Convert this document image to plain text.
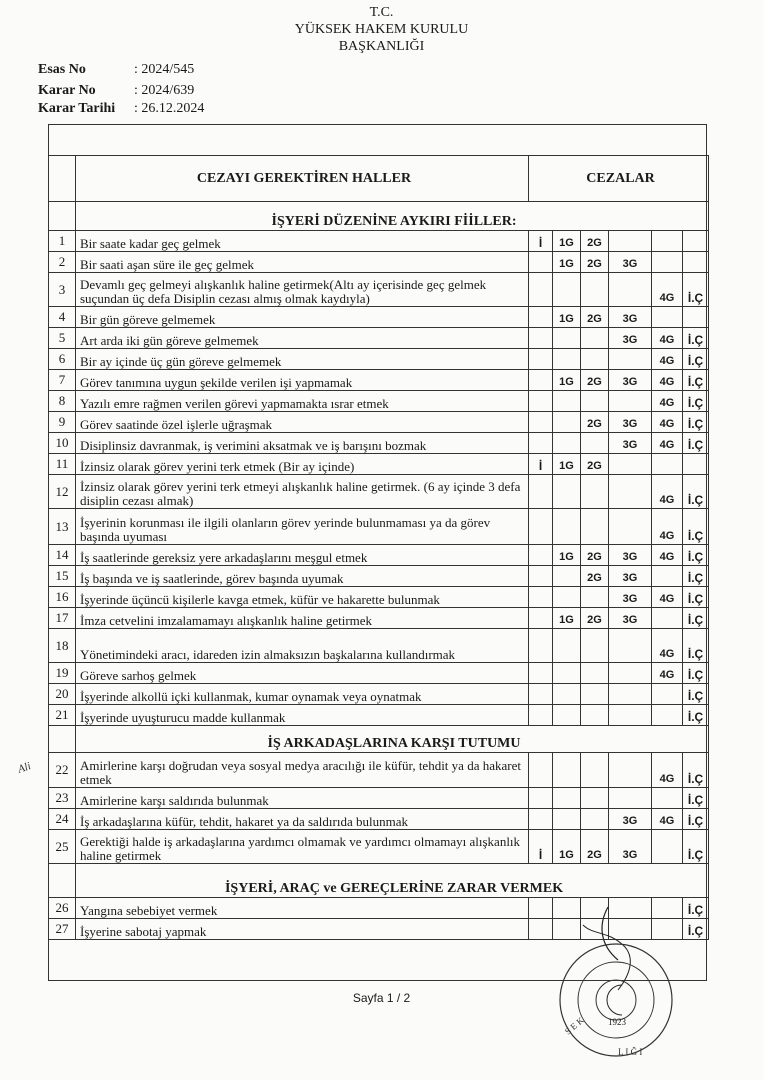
T.C.
YÜKSEK HAKEM KURULU
BAŞKANLIĞI
Esas No	: 2024/545
Karar No	: 2024/639
Karar Tarihi : 26.12.2024
	CEZAYI GEREKTİREN HALLER	CEZALAR					
	İŞYERİ DÜZENİNE AYKIRI FİİLLER:						
1	Bir saate kadar geç gelmek	İ	1G	2G			
2	Bir saati aşan süre ile geç gelmek		1G	2G	3G		
3	Devamlı geç gelmeyi alışkanlık haline getirmek(Altı ay içerisinde geç gelmek suçundan üç defa Disiplin cezası almış olmak kaydıyla)					4G	İ.Ç
4	Bir gün göreve gelmemek		1G	2G	3G		
5	Art arda iki gün göreve gelmemek				3G	4G	İ.Ç
6	Bir ay içinde üç gün göreve gelmemek					4G	İ.Ç
7	Görev tanımına uygun şekilde verilen işi yapmamak		1G	2G	3G	4G	İ.Ç
8	Yazılı emre rağmen verilen görevi yapmamakta ısrar etmek					4G	İ.Ç
9	Görev saatinde özel işlerle uğraşmak			2G	3G	4G	İ.Ç
10	Disiplinsiz davranmak, iş verimini aksatmak ve iş barışını bozmak				3G	4G	İ.Ç
11	İzinsiz olarak görev yerini terk etmek (Bir ay içinde)	İ	1G	2G			
12	İzinsiz olarak görev yerini terk etmeyi alışkanlık haline getirmek. (6 ay içinde 3 defa disiplin cezası almak)					4G	İ.Ç
13	İşyerinin korunması ile ilgili olanların görev yerinde bulunmaması ya da görev başında uyuması					4G	İ.Ç
14	İş saatlerinde gereksiz yere arkadaşlarını meşgul etmek		1G	2G	3G	4G	İ.Ç
15	İş başında ve iş saatlerinde, görev başında uyumak			2G	3G		İ.Ç
16	İşyerinde üçüncü kişilerle kavga etmek, küfür ve hakarette bulunmak				3G	4G	İ.Ç
17	İmza cetvelini imzalamamayı alışkanlık haline getirmek		1G	2G	3G		İ.Ç
18	Yönetimindeki aracı, idareden izin almaksızın başkalarına kullandırmak					4G	İ.Ç
19	Göreve sarhoş gelmek					4G	İ.Ç
20	İşyerinde alkollü içki kullanmak, kumar oynamak veya oynatmak						İ.Ç
21	İşyerinde uyuşturucu madde kullanmak						İ.Ç
	İŞ ARKADAŞLARINA KARŞI TUTUMU						
22	Amirlerine karşı doğrudan veya sosyal medya aracılığı ile küfür, tehdit ya da hakaret etmek					4G	İ.Ç
23	Amirlerine karşı saldırıda bulunmak						İ.Ç
24	İş arkadaşlarına küfür, tehdit, hakaret ya da saldırıda bulunmak				3G	4G	İ.Ç
25	Gerektiği halde iş arkadaşlarına yardımcı olmamak ve yardımcı olmamayı alışkanlık haline getirmek	İ	1G	2G	3G		İ.Ç
	İŞYERİ, ARAÇ ve GEREÇLERİNE ZARAR VERMEK						
26	Yangına sebebiyet vermek						İ.Ç
27	İşyerine sabotaj yapmak						İ.Ç
Ali
1923
S E K
L I Ğ I
Sayfa 1 / 2
